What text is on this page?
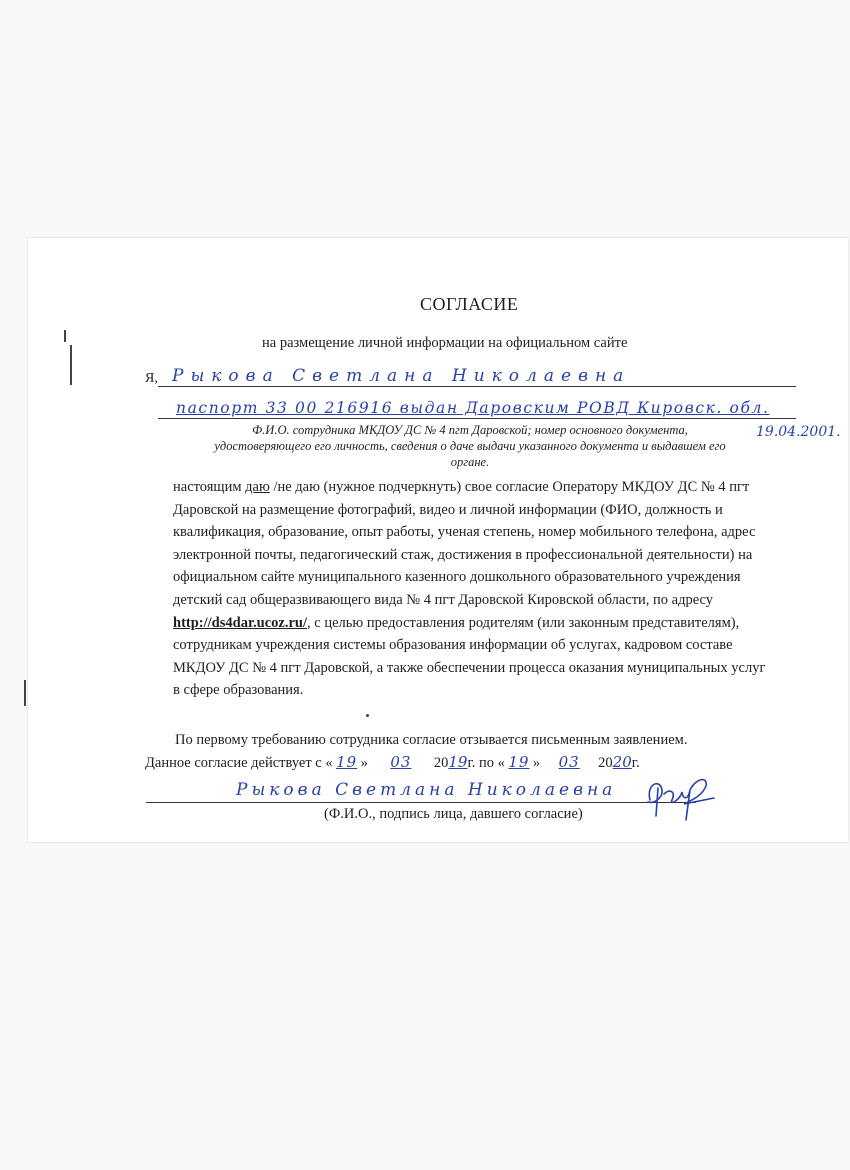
СОГЛАСИЕ
на размещение личной информации на официальном сайте
Я, Рыкова Светлана Николаевна
паспорт 33 00 216916 выдан Даровским РОВД Кировск. обл.
19.04.2001.
Ф.И.О. сотрудника МКДОУ ДС № 4 пгт Даровской; номер основного документа,
удостоверяющего его личность, сведения о даче выдачи указанного документа и выдавшем его
органе.

настоящим даю /не даю (нужное подчеркнуть) свое согласие Оператору МКДОУ ДС № 4 пгт Даровской на размещение фотографий, видео и личной информации (ФИО, должность и квалификация, образование, опыт работы, ученая степень, номер мобильного телефона, адрес электронной почты, педагогический стаж, достижения в профессиональной деятельности) на официальном сайте муниципального казенного дошкольного образовательного учреждения детский сад общеразвивающего вида № 4 пгт Даровской Кировской области, по адресу http://ds4dar.ucoz.ru/, с целью предоставления родителям (или законным представителям), сотрудникам учреждения системы образования информации об услугах, кадровом составе МКДОУ ДС № 4 пгт Даровской, а также обеспечении процесса оказания муниципальных услуг в сфере образования.

По первому требованию сотрудника согласие отзывается письменным заявлением.
Данное согласие действует с « 19 » 03 2019г. по « 19 » 03 2020г.
Рыкова Светлана Николаевна
(Ф.И.О., подпись лица, давшего согласие)
